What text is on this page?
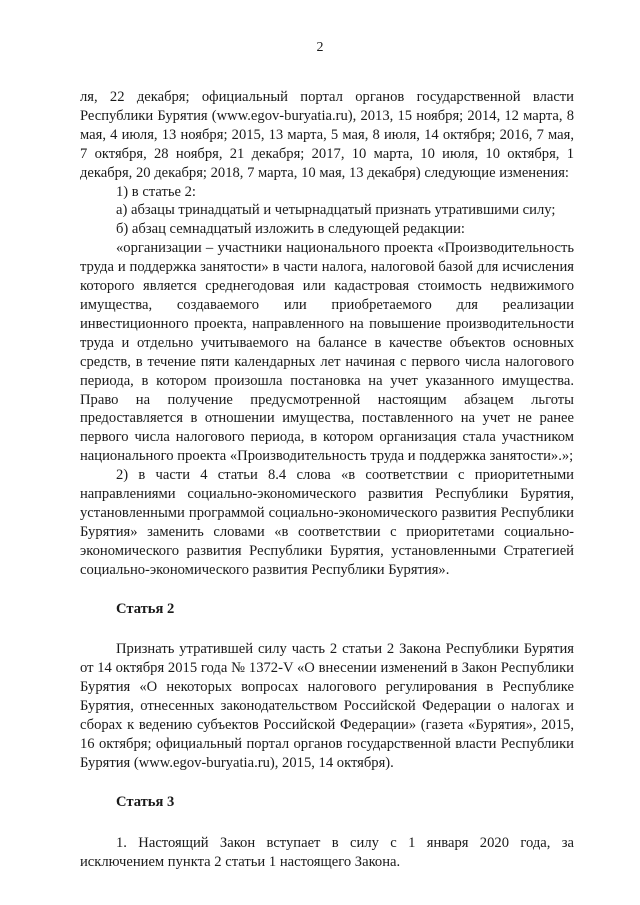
2

ля, 22 декабря; официальный портал органов государственной власти Республики Бурятия (www.egov-buryatia.ru), 2013, 15 ноября; 2014, 12 марта, 8 мая, 4 июля, 13 ноября; 2015, 13 марта, 5 мая, 8 июля, 14 октября; 2016, 7 мая, 7 октября, 28 ноября, 21 декабря; 2017, 10 марта, 10 июля, 10 октября, 1 декабря, 20 декабря; 2018, 7 марта, 10 мая, 13 декабря) следующие изменения:

1) в статье 2:

а) абзацы тринадцатый и четырнадцатый признать утратившими силу;

б) абзац семнадцатый изложить в следующей редакции:

«организации – участники национального проекта «Производительность труда и поддержка занятости» в части налога, налоговой базой для исчисления которого является среднегодовая или кадастровая стоимость недвижимого имущества, создаваемого или приобретаемого для реализации инвестиционного проекта, направленного на повышение производительности труда и отдельно учитываемого на балансе в качестве объектов основных средств, в течение пяти календарных лет начиная с первого числа налогового периода, в котором произошла постановка на учет указанного имущества. Право на получение предусмотренной настоящим абзацем льготы предоставляется в отношении имущества, поставленного на учет не ранее первого числа налогового периода, в котором организация стала участником национального проекта «Производительность труда и поддержка занятости».»;

2) в части 4 статьи 8.4 слова «в соответствии с приоритетными направлениями социально-экономического развития Республики Бурятия, установленными программой социально-экономического развития Республики Бурятия» заменить словами «в соответствии с приоритетами социально-экономического развития Республики Бурятия, установленными Стратегией социально-экономического развития Республики Бурятия».

Статья 2

Признать утратившей силу часть 2 статьи 2 Закона Республики Бурятия от 14 октября 2015 года № 1372-V «О внесении изменений в Закон Республики Бурятия «О некоторых вопросах налогового регулирования в Республике Бурятия, отнесенных законодательством Российской Федерации о налогах и сборах к ведению субъектов Российской Федерации» (газета «Бурятия», 2015, 16 октября; официальный портал органов государственной власти Республики Бурятия (www.egov-buryatia.ru), 2015, 14 октября).

Статья 3

1. Настоящий Закон вступает в силу с 1 января 2020 года, за исключением пункта 2 статьи 1 настоящего Закона.
